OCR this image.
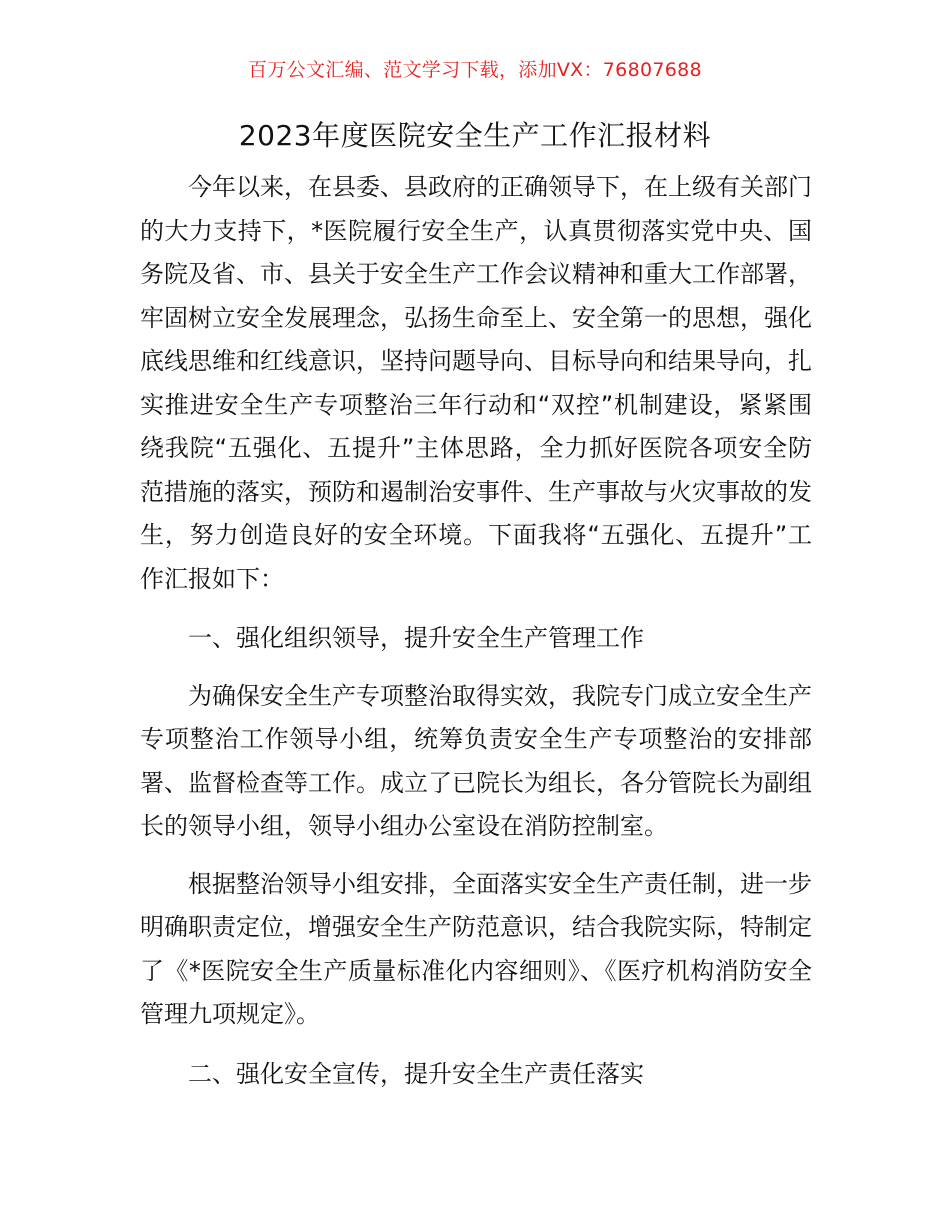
百万公文汇编、范文学习下载，添加VX：76807688
2023年度医院安全生产工作汇报材料

今年以来，在县委、县政府的正确领导下，在上级有关部门的大力支持下，*医院履行安全生产，认真贯彻落实党中央、国务院及省、市、县关于安全生产工作会议精神和重大工作部署，牢固树立安全发展理念，弘扬生命至上、安全第一的思想，强化底线思维和红线意识，坚持问题导向、目标导向和结果导向，扎实推进安全生产专项整治三年行动和“双控”机制建设，紧紧围绕我院“五强化、五提升”主体思路，全力抓好医院各项安全防范措施的落实，预防和遏制治安事件、生产事故与火灾事故的发生，努力创造良好的安全环境。下面我将“五强化、五提升”工作汇报如下：

一、强化组织领导，提升安全生产管理工作

为确保安全生产专项整治取得实效，我院专门成立安全生产专项整治工作领导小组，统筹负责安全生产专项整治的安排部署、监督检查等工作。成立了已院长为组长，各分管院长为副组长的领导小组，领导小组办公室设在消防控制室。

根据整治领导小组安排，全面落实安全生产责任制，进一步明确职责定位，增强安全生产防范意识，结合我院实际，特制定了《*医院安全生产质量标准化内容细则》、《医疗机构消防安全管理九项规定》。

二、强化安全宣传，提升安全生产责任落实
